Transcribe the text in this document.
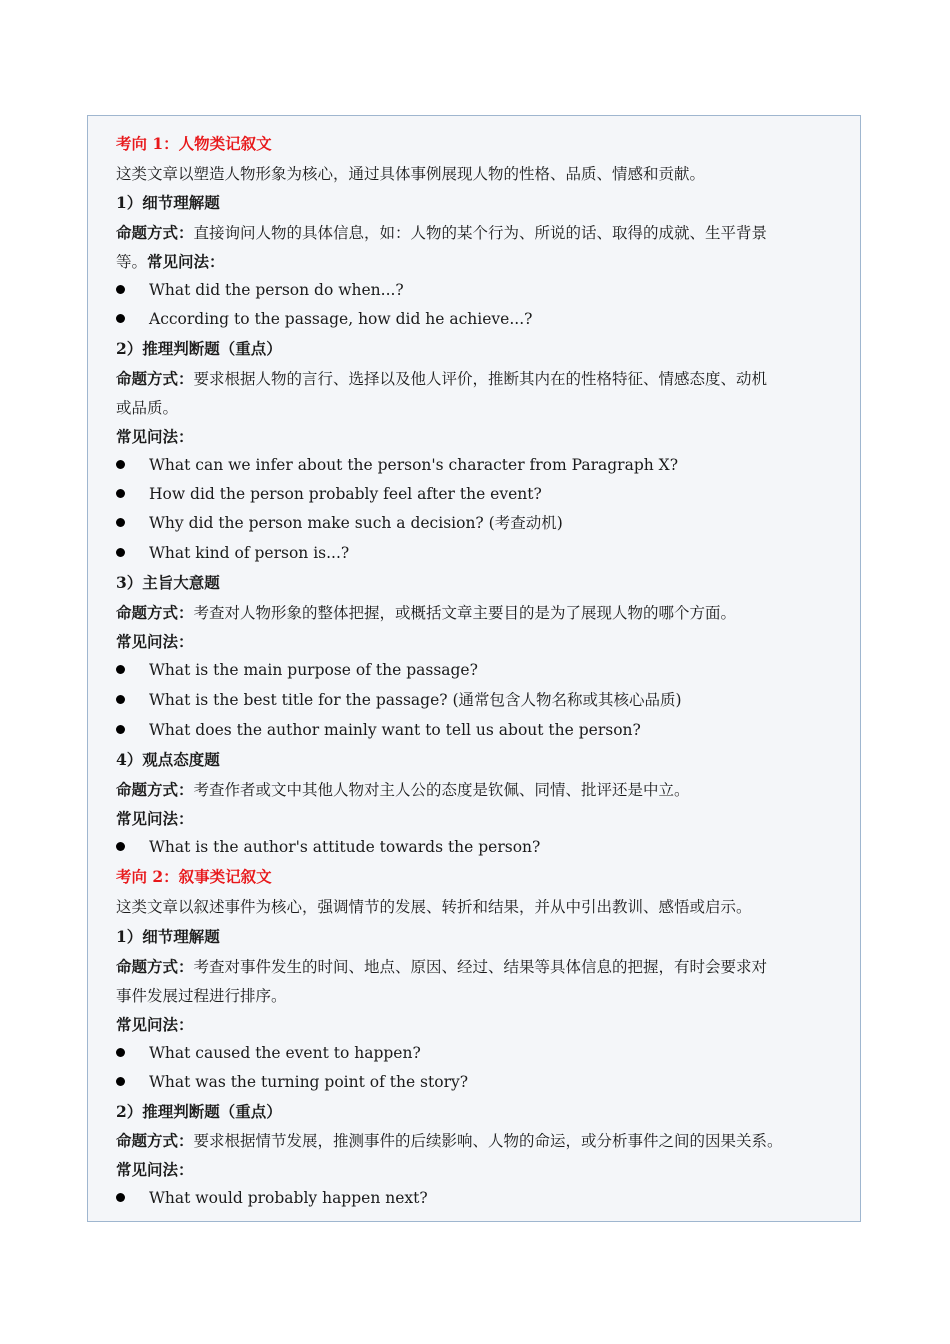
考向 1：人物类记叙文
这类文章以塑造人物形象为核心，通过具体事例展现人物的性格、品质、情感和贡献。
1）细节理解题
命题方式：直接询问人物的具体信息，如：人物的某个行为、所说的话、取得的成就、生平背景
等。常见问法：
What did the person do when...?
According to the passage, how did he achieve...?
2）推理判断题（重点）
命题方式：要求根据人物的言行、选择以及他人评价，推断其内在的性格特征、情感态度、动机
或品质。
常见问法：
What can we infer about the person's character from Paragraph X?
How did the person probably feel after the event?
Why did the person make such a decision? (考查动机)
What kind of person is...?
3）主旨大意题
命题方式：考查对人物形象的整体把握，或概括文章主要目的是为了展现人物的哪个方面。
常见问法：
What is the main purpose of the passage?
What is the best title for the passage? (通常包含人物名称或其核心品质)
What does the author mainly want to tell us about the person?
4）观点态度题
命题方式：考查作者或文中其他人物对主人公的态度是钦佩、同情、批评还是中立。
常见问法：
What is the author's attitude towards the person?
考向 2：叙事类记叙文
这类文章以叙述事件为核心，强调情节的发展、转折和结果，并从中引出教训、感悟或启示。
1）细节理解题
命题方式：考查对事件发生的时间、地点、原因、经过、结果等具体信息的把握，有时会要求对
事件发展过程进行排序。
常见问法：
What caused the event to happen?
What was the turning point of the story?
2）推理判断题（重点）
命题方式：要求根据情节发展，推测事件的后续影响、人物的命运，或分析事件之间的因果关系。
常见问法：
What would probably happen next?
